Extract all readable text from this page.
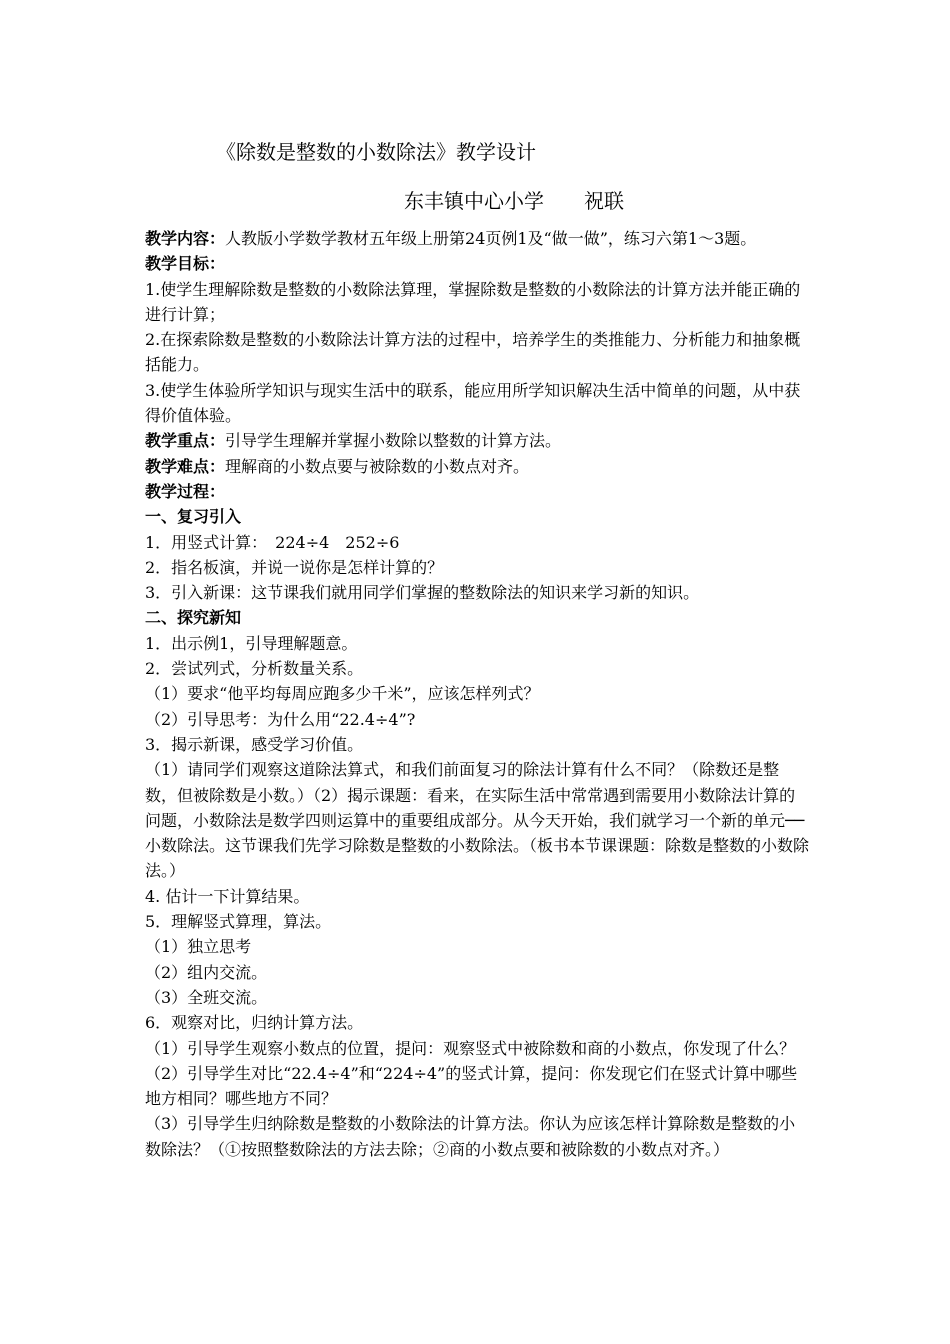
《除数是整数的小数除法》教学设计
东丰镇中心小学 祝联

教学内容：人教版小学数学教材五年级上册第24页例1及“做一做”，练习六第1～3题。

教学目标：

1.使学生理解除数是整数的小数除法算理，掌握除数是整数的小数除法的计算方法并能正确的进行计算；

2.在探索除数是整数的小数除法计算方法的过程中，培养学生的类推能力、分析能力和抽象概括能力。

3.使学生体验所学知识与现实生活中的联系，能应用所学知识解决生活中简单的问题，从中获得价值体验。

教学重点：引导学生理解并掌握小数除以整数的计算方法。

教学难点：理解商的小数点要与被除数的小数点对齐。

教学过程：

一、复习引入

1．用竖式计算：　224÷4　252÷6

2．指名板演，并说一说你是怎样计算的？

3．引入新课：这节课我们就用同学们掌握的整数除法的知识来学习新的知识。

二、探究新知

1．出示例1，引导理解题意。

2．尝试列式，分析数量关系。

（1）要求“他平均每周应跑多少千米”，应该怎样列式？

（2）引导思考：为什么用“22.4÷4”?

3．揭示新课，感受学习价值。

（1）请同学们观察这道除法算式，和我们前面复习的除法计算有什么不同？（除数还是整数，但被除数是小数。）（2）揭示课题：看来，在实际生活中常常遇到需要用小数除法计算的问题，小数除法是数学四则运算中的重要组成部分。从今天开始，我们就学习一个新的单元──小数除法。这节课我们先学习除数是整数的小数除法。（板书本节课课题：除数是整数的小数除法。）

4. 估计一下计算结果。

5．理解竖式算理，算法。

（1）独立思考

（2）组内交流。

（3）全班交流。

6．观察对比，归纳计算方法。

（1）引导学生观察小数点的位置，提问：观察竖式中被除数和商的小数点，你发现了什么？

（2）引导学生对比“22.4÷4”和“224÷4”的竖式计算，提问：你发现它们在竖式计算中哪些地方相同？哪些地方不同？

（3）引导学生归纳除数是整数的小数除法的计算方法。你认为应该怎样计算除数是整数的小数除法？（①按照整数除法的方法去除；②商的小数点要和被除数的小数点对齐。）
